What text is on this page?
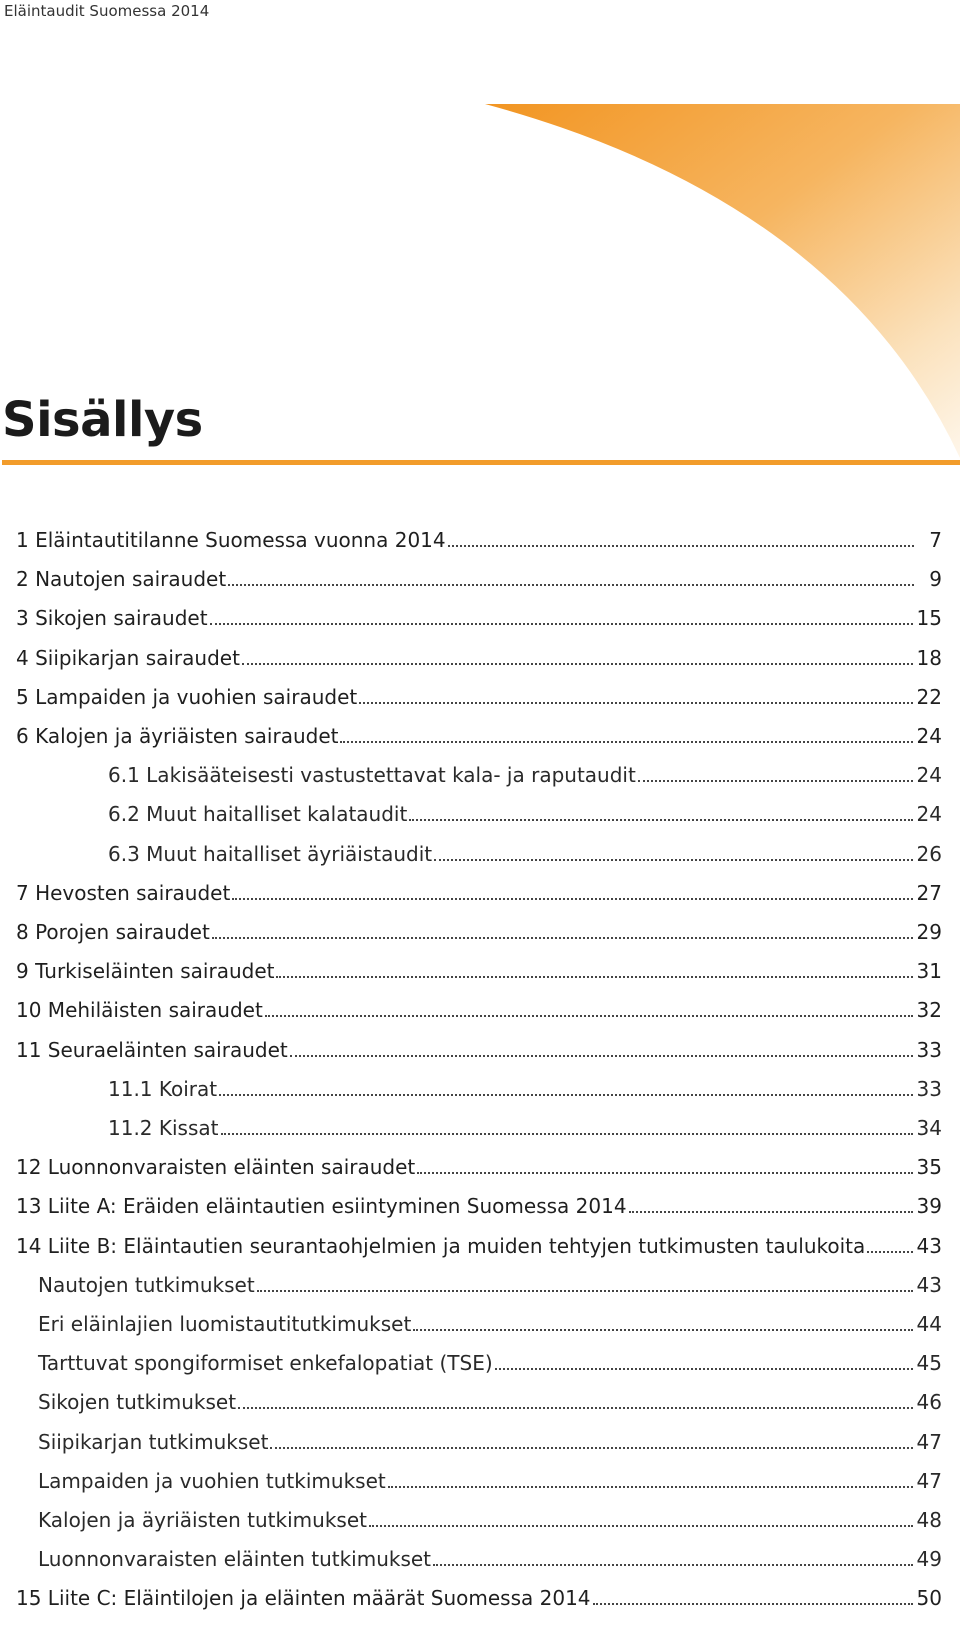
Eläintaudit Suomessa 2014
Sisällys
1 Eläintautitilanne Suomessa vuonna 2014	7
2 Nautojen sairaudet	9
3 Sikojen sairaudet	15
4 Siipikarjan sairaudet	18
5 Lampaiden ja vuohien sairaudet	22
6 Kalojen ja äyriäisten sairaudet	24
6.1 Lakisääteisesti vastustettavat kala- ja raputaudit	24
6.2 Muut haitalliset kalataudit	24
6.3 Muut haitalliset äyriäistaudit	26
7 Hevosten sairaudet	27
8 Porojen sairaudet	29
9 Turkiseläinten sairaudet	31
10 Mehiläisten sairaudet	32
11 Seuraeläinten sairaudet	33
11.1 Koirat	33
11.2 Kissat	34
12 Luonnonvaraisten eläinten sairaudet	35
13 Liite A: Eräiden eläintautien esiintyminen Suomessa 2014	39
14 Liite B: Eläintautien seurantaohjelmien ja muiden tehtyjen tutkimusten taulukoita	43
Nautojen tutkimukset	43
Eri eläinlajien luomistautitutkimukset	44
Tarttuvat spongiformiset enkefalopatiat (TSE)	45
Sikojen tutkimukset	46
Siipikarjan tutkimukset	47
Lampaiden ja vuohien tutkimukset	47
Kalojen ja äyriäisten tutkimukset	48
Luonnonvaraisten eläinten tutkimukset	49
15 Liite C: Eläintilojen ja eläinten määrät Suomessa 2014	50
